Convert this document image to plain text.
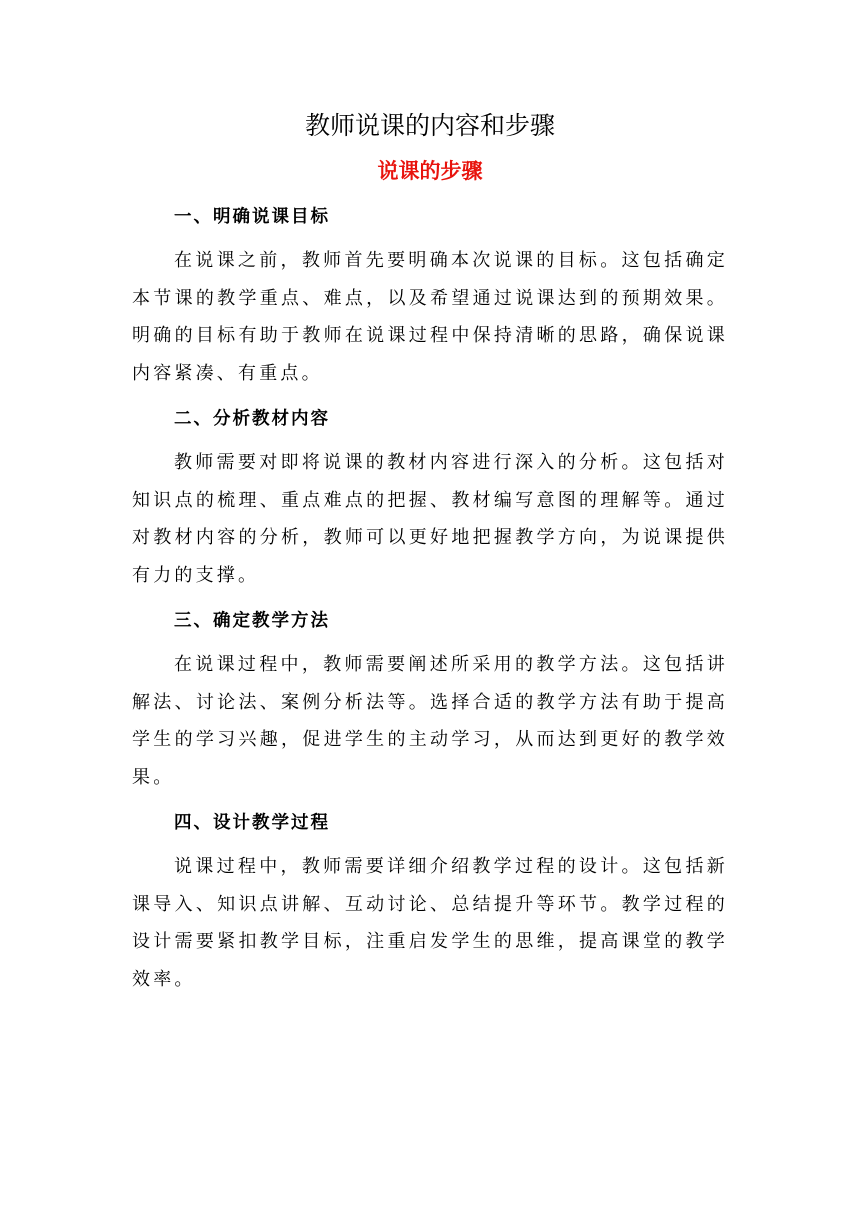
教师说课的内容和步骤
说课的步骤
一、明确说课目标

在说课之前，教师首先要明确本次说课的目标。这包括确定本节课的教学重点、难点，以及希望通过说课达到的预期效果。明确的目标有助于教师在说课过程中保持清晰的思路，确保说课内容紧凑、有重点。

二、分析教材内容

教师需要对即将说课的教材内容进行深入的分析。这包括对知识点的梳理、重点难点的把握、教材编写意图的理解等。通过对教材内容的分析，教师可以更好地把握教学方向，为说课提供有力的支撑。

三、确定教学方法

在说课过程中，教师需要阐述所采用的教学方法。这包括讲解法、讨论法、案例分析法等。选择合适的教学方法有助于提高学生的学习兴趣，促进学生的主动学习，从而达到更好的教学效果。

四、设计教学过程

说课过程中，教师需要详细介绍教学过程的设计。这包括新课导入、知识点讲解、互动讨论、总结提升等环节。教学过程的设计需要紧扣教学目标，注重启发学生的思维，提高课堂的教学效率。
